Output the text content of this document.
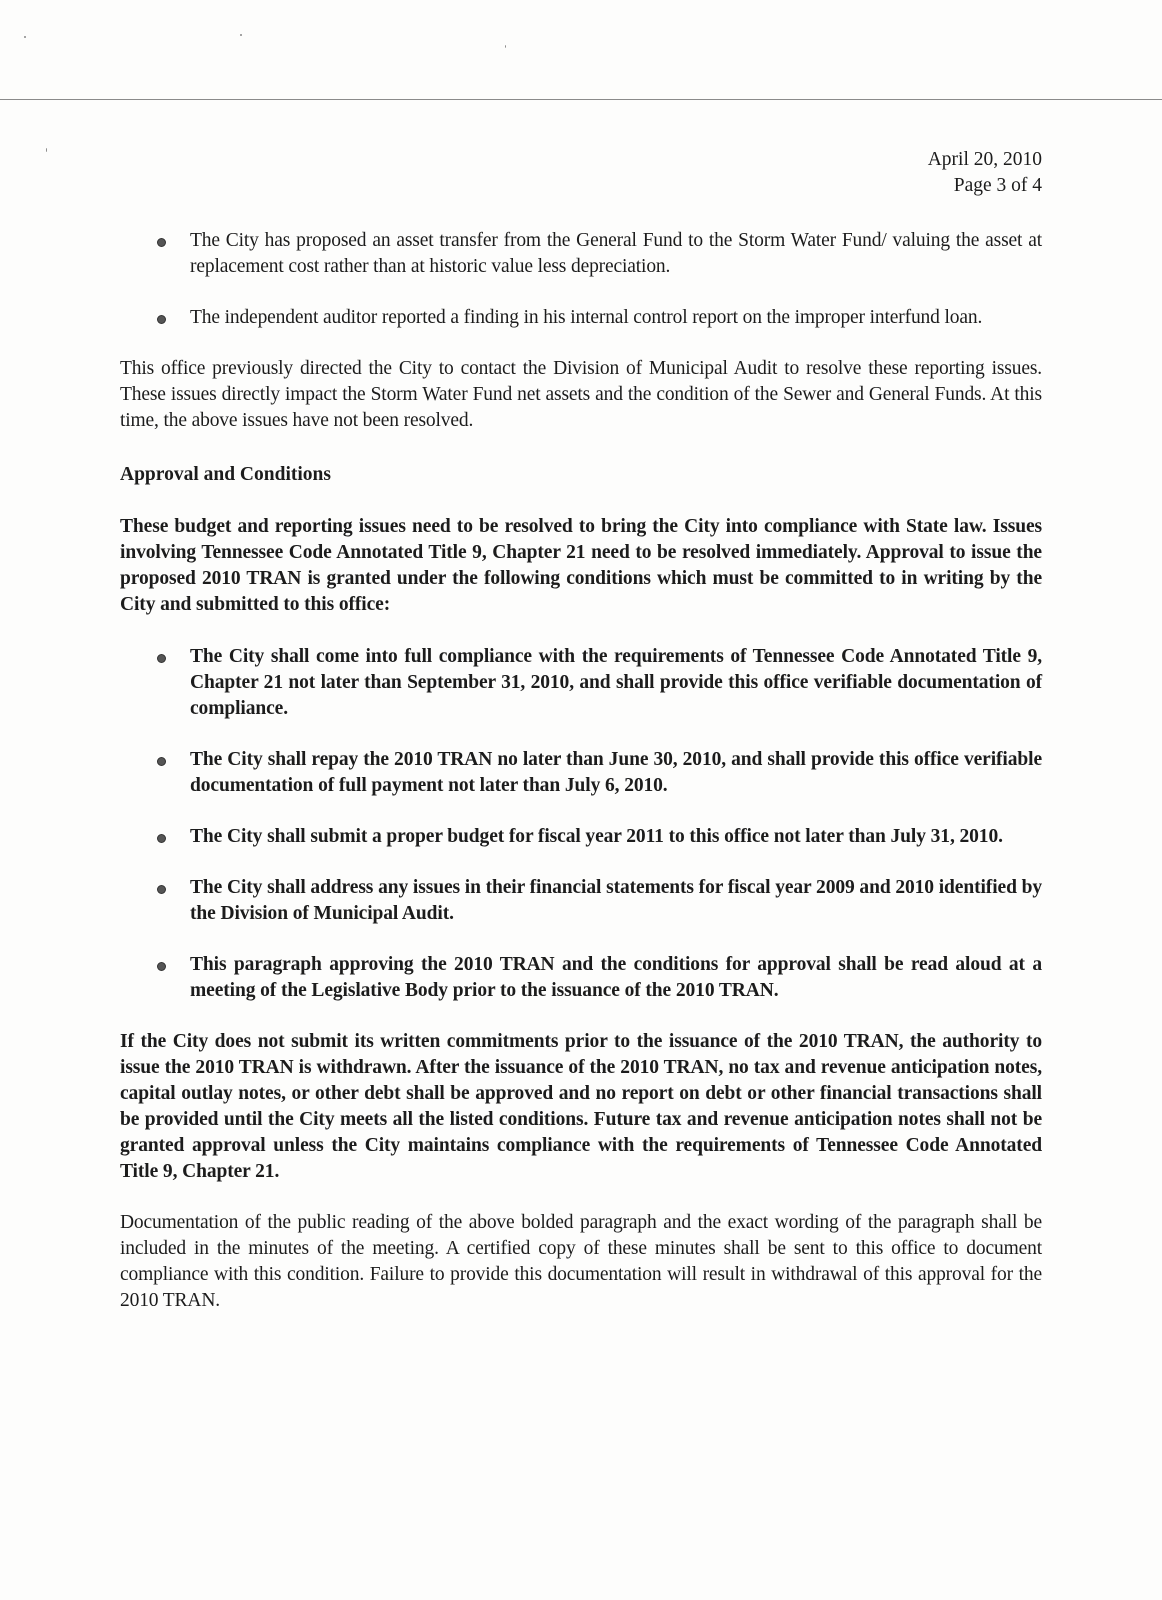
April 20, 2010
Page 3 of 4
The City has proposed an asset transfer from the General Fund to the Storm Water Fund/ valuing the asset at replacement cost rather than at historic value less depreciation.
The independent auditor reported a finding in his internal control report on the improper interfund loan.

This office previously directed the City to contact the Division of Municipal Audit to resolve these reporting issues. These issues directly impact the Storm Water Fund net assets and the condition of the Sewer and General Funds. At this time, the above issues have not been resolved.

Approval and Conditions

These budget and reporting issues need to be resolved to bring the City into compliance with State law. Issues involving Tennessee Code Annotated Title 9, Chapter 21 need to be resolved immediately. Approval to issue the proposed 2010 TRAN is granted under the following conditions which must be committed to in writing by the City and submitted to this office:

The City shall come into full compliance with the requirements of Tennessee Code Annotated Title 9, Chapter 21 not later than September 31, 2010, and shall provide this office verifiable documentation of compliance.
The City shall repay the 2010 TRAN no later than June 30, 2010, and shall provide this office verifiable documentation of full payment not later than July 6, 2010.
The City shall submit a proper budget for fiscal year 2011 to this office not later than July 31, 2010.
The City shall address any issues in their financial statements for fiscal year 2009 and 2010 identified by the Division of Municipal Audit.
This paragraph approving the 2010 TRAN and the conditions for approval shall be read aloud at a meeting of the Legislative Body prior to the issuance of the 2010 TRAN.

If the City does not submit its written commitments prior to the issuance of the 2010 TRAN, the authority to issue the 2010 TRAN is withdrawn. After the issuance of the 2010 TRAN, no tax and revenue anticipation notes, capital outlay notes, or other debt shall be approved and no report on debt or other financial transactions shall be provided until the City meets all the listed conditions. Future tax and revenue anticipation notes shall not be granted approval unless the City maintains compliance with the requirements of Tennessee Code Annotated Title 9, Chapter 21.

Documentation of the public reading of the above bolded paragraph and the exact wording of the paragraph shall be included in the minutes of the meeting. A certified copy of these minutes shall be sent to this office to document compliance with this condition. Failure to provide this documentation will result in withdrawal of this approval for the 2010 TRAN.
